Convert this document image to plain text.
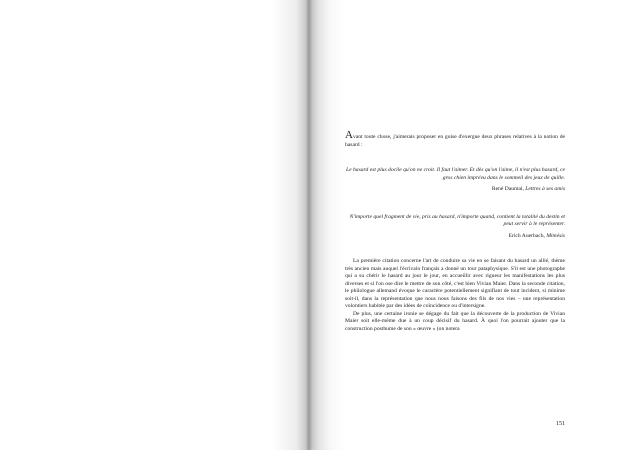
Avant toute chose, j'aimerais proposer en guise d'exergue deux phrases relatives à la notion de hasard :

Le hasard est plus docile qu'on ne croit. Il faut l'aimer. Et dès qu'on l'aime, il n'est plus hasard, ce gros chien imprévu dans le sommeil des jeux de quille.
René Daumal, Lettres à ses amis
N'importe quel fragment de vie, pris au hasard, n'importe quand, contient la totalité du destin et peut servir à le représenter.
Erich Auerbach, Mimésis

La première citation concerne l'art de conduire sa vie en se faisant du hasard un allié, thème très ancien mais auquel l'écrivain français a donné un tour pataphysique. S'il est une photographe qui a su chérir le hasard au jour le jour, en accueillir avec rigueur les manifestations les plus diverses et si l'on ose dire le mettre de son côté, c'est bien Vivian Maier. Dans la seconde citation, le philologue allemand évoque le caractère potentiellement signifiant de tout incident, si minime soit-il, dans la représentation que nous nous faisons des fils de nos vies – une représentation volontiers habitée par des idées de coïncidence ou d'intersigne.

De plus, une certaine ironie se dégage du fait que la découverte de la production de Vivian Maier soit elle-même due à un coup décisif du hasard. À quoi l'on pourrait ajouter que la construction posthume de son « œuvre » (on notera

151
